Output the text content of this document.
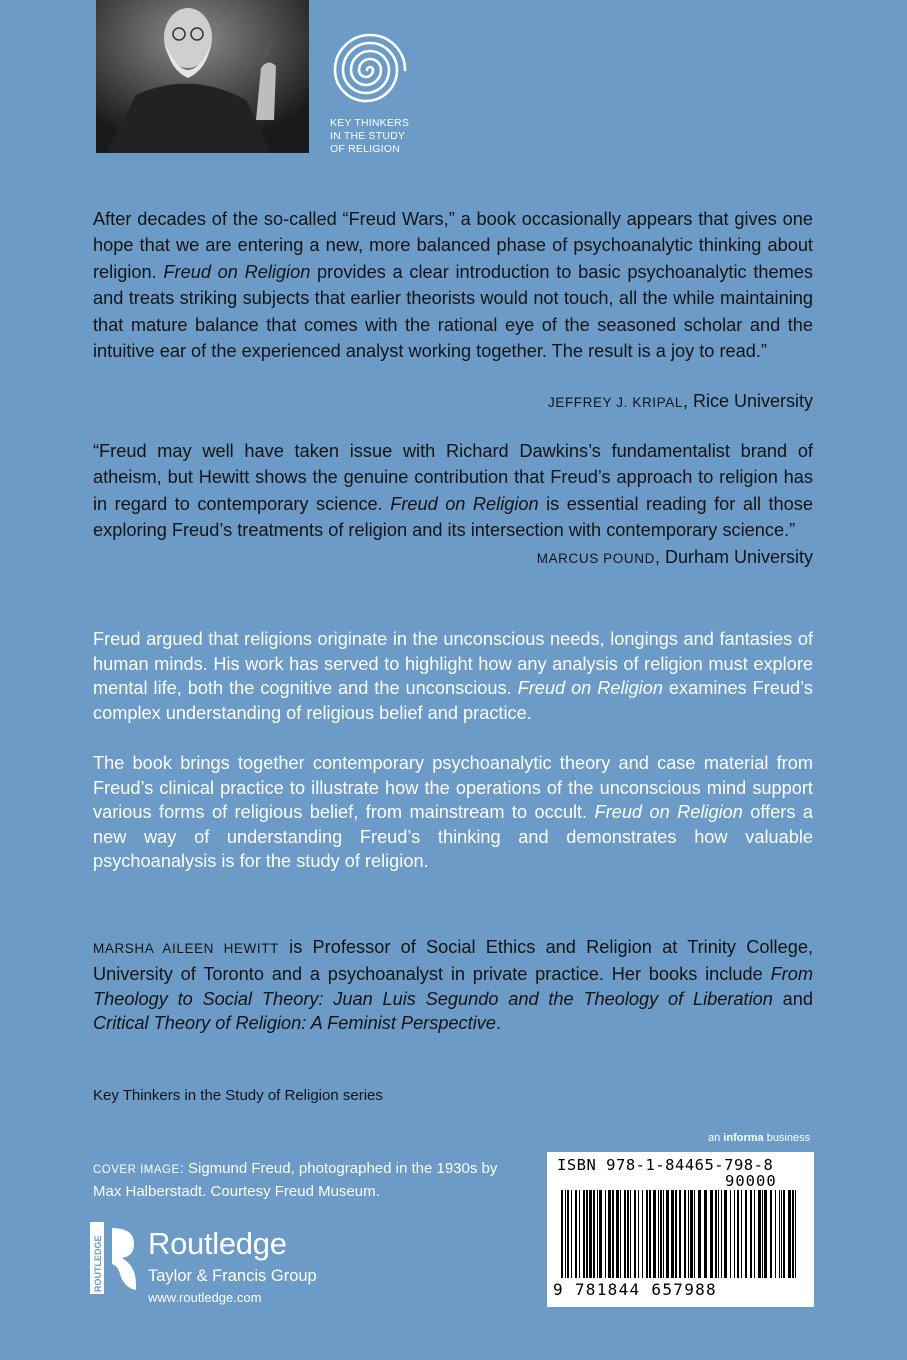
KEY THINKERS
IN THE STUDY
OF RELIGION

After decades of the so-called “Freud Wars,” a book occasionally appears that gives one hope that we are entering a new, more balanced phase of psychoanalytic thinking about religion. Freud on Religion provides a clear introduction to basic psychoanalytic themes and treats striking subjects that earlier theorists would not touch, all the while maintaining that mature balance that comes with the rational eye of the seasoned scholar and the intuitive ear of the experienced analyst working together. The result is a joy to read.”

JEFFREY J. KRIPAL, Rice University

“Freud may well have taken issue with Richard Dawkins’s fundamentalist brand of atheism, but Hewitt shows the genuine contribution that Freud’s approach to religion has in regard to contemporary science. Freud on Religion is essential reading for all those exploring Freud’s treatments of religion and its intersection with contemporary science.”

MARCUS POUND, Durham University

Freud argued that religions originate in the unconscious needs, longings and fantasies of human minds. His work has served to highlight how any analysis of religion must explore mental life, both the cognitive and the unconscious. Freud on Religion examines Freud’s complex understanding of religious belief and practice.

The book brings together contemporary psychoanalytic theory and case material from Freud’s clinical practice to illustrate how the operations of the unconscious mind support various forms of religious belief, from mainstream to occult. Freud on Religion offers a new way of understanding Freud’s thinking and demonstrates how valuable psychoanalysis is for the study of religion.

MARSHA AILEEN HEWITT is Professor of Social Ethics and Religion at Trinity College, University of Toronto and a psychoanalyst in private practice. Her books include From Theology to Social Theory: Juan Luis Segundo and the Theology of Liberation and Critical Theory of Religion: A Feminist Perspective.

Key Thinkers in the Study of Religion series
COVER IMAGE: Sigmund Freud, photographed in the 1930s by Max Halberstadt. Courtesy Freud Museum.
an informa business
ISBN 978-1-84465-798-8
90000
9 781844 657988
ROUTLEDGE Routledge
Taylor & Francis Group
www.routledge.com
